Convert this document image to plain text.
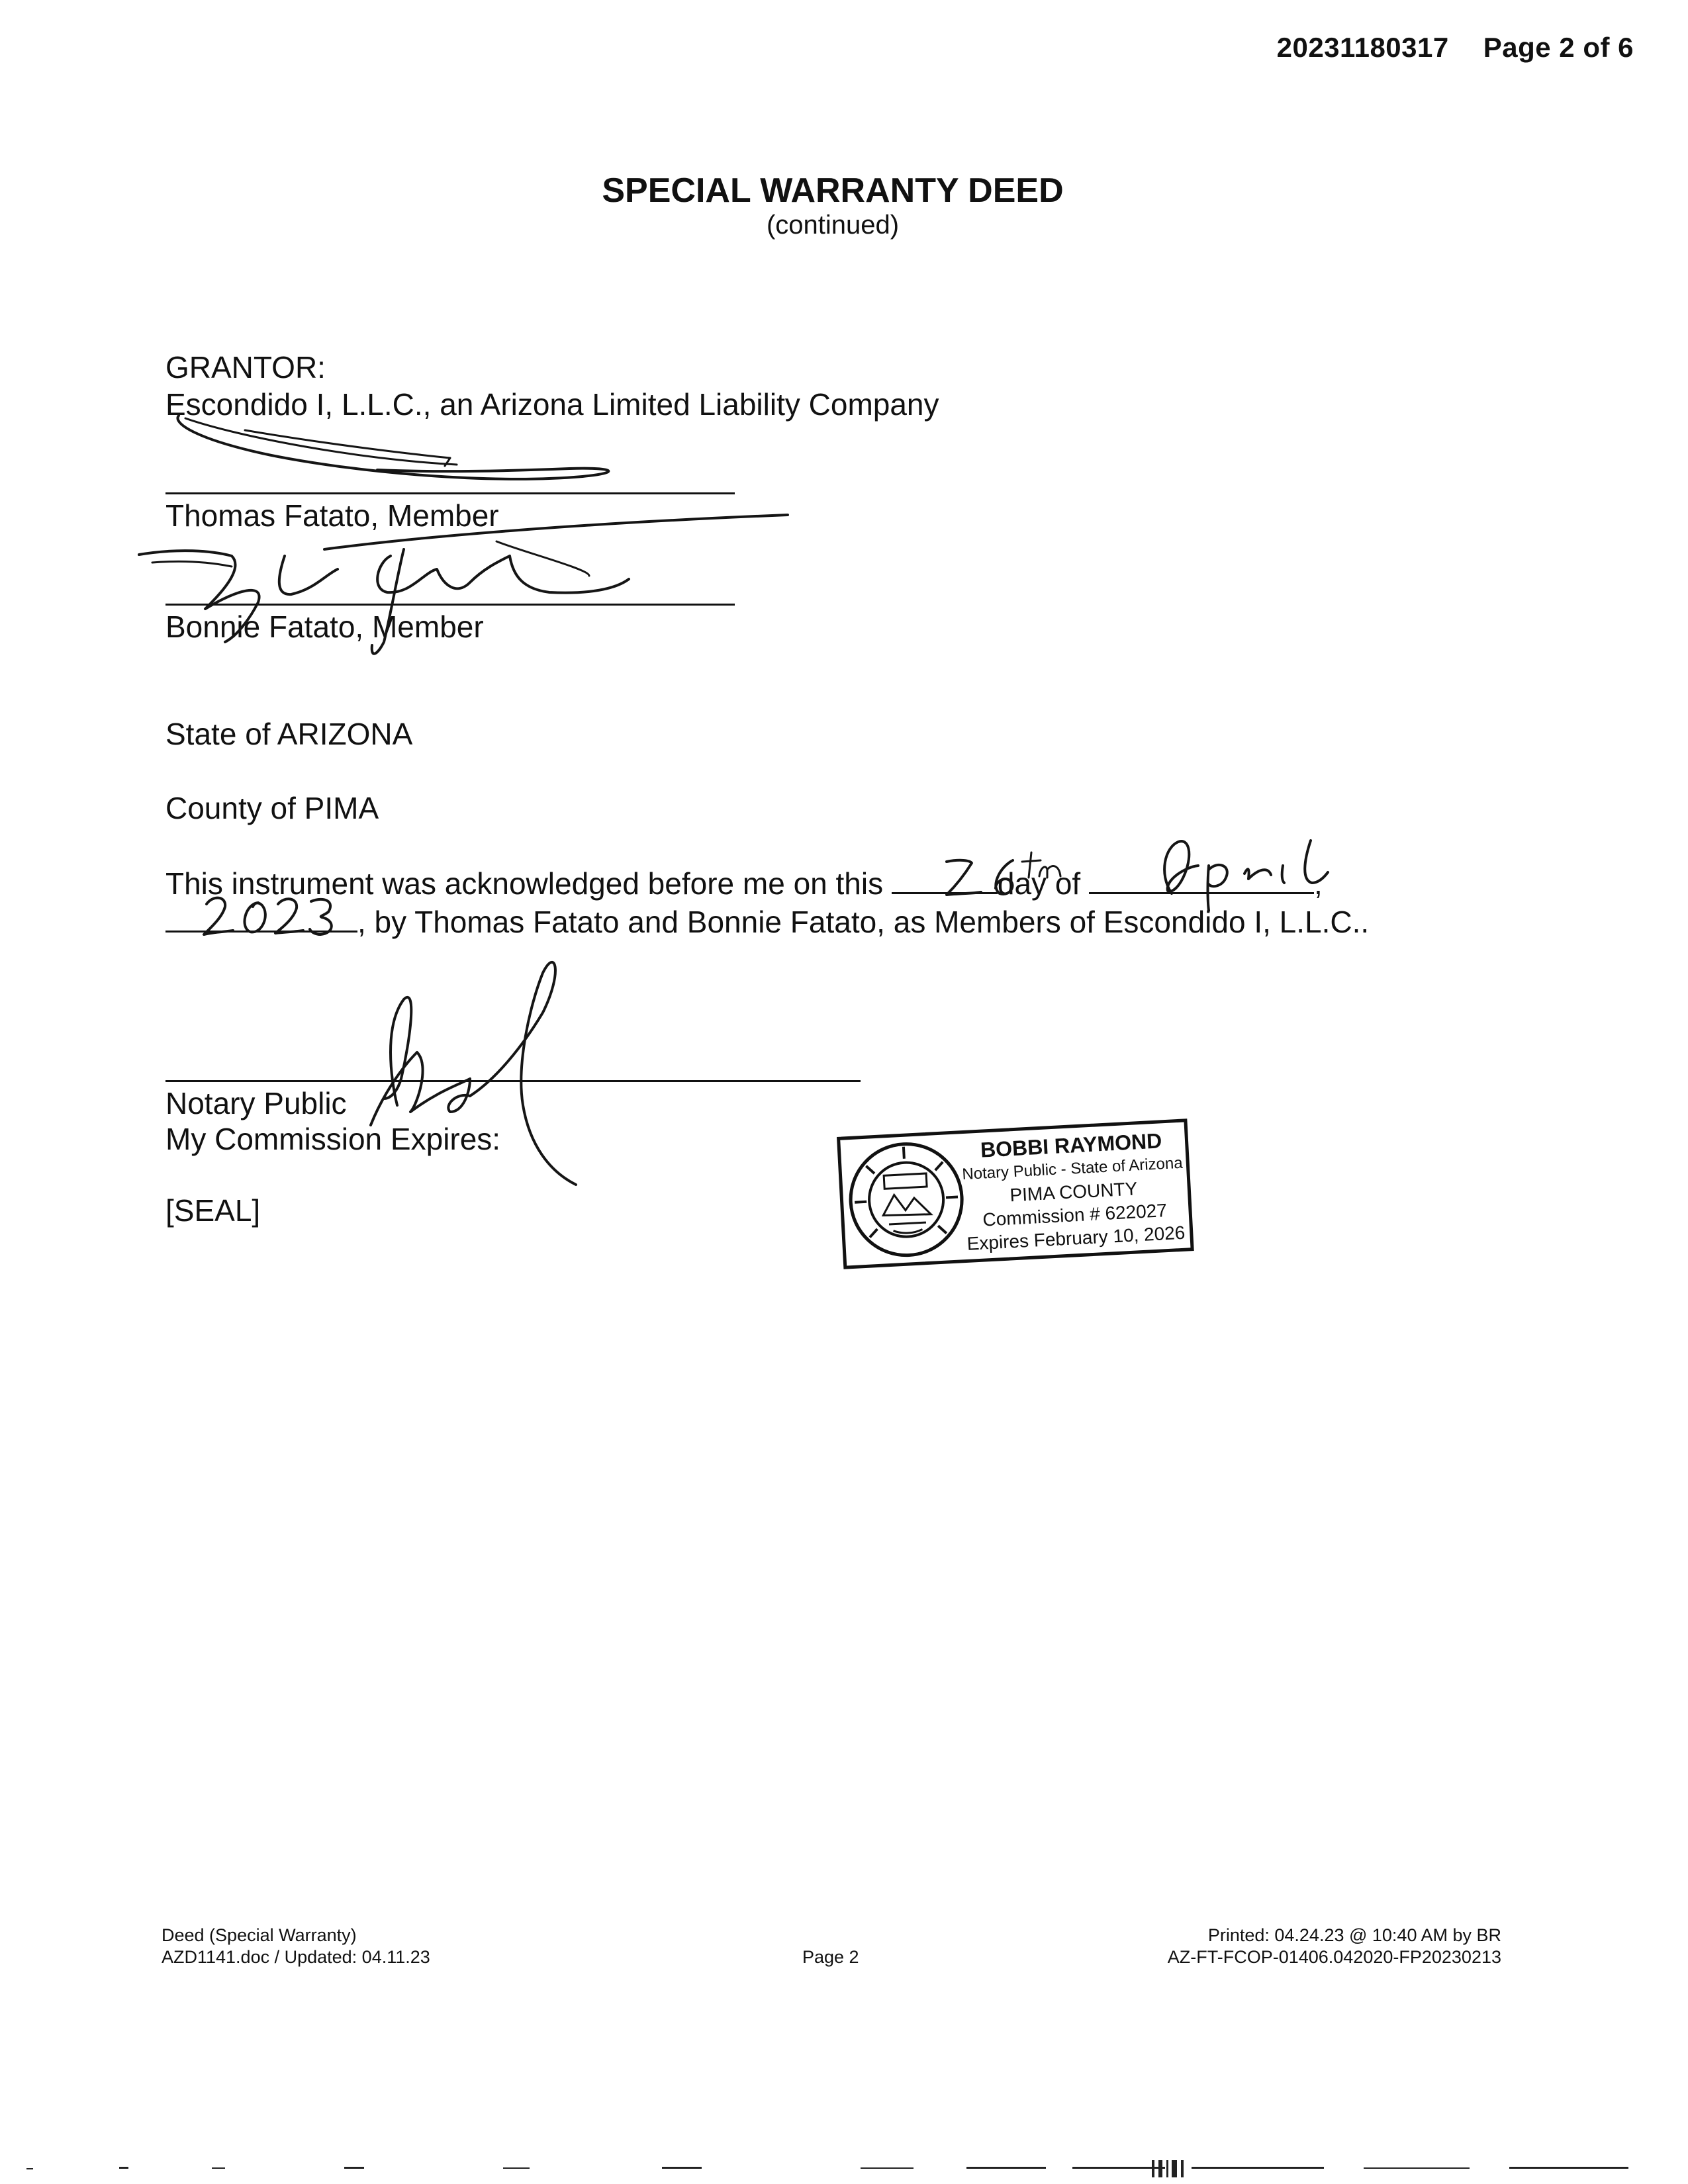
20231180317 Page 2 of 6
SPECIAL WARRANTY DEED
(continued)
GRANTOR:
Escondido I, L.L.C., an Arizona Limited Liability Company
Thomas Fatato, Member
Bonnie Fatato, Member
State of ARIZONA
County of PIMA
This instrument was acknowledged before me on this	day of	,
, by Thomas Fatato and Bonnie Fatato, as Members of Escondido I, L.L.C..
Notary Public
My Commission Expires:
[SEAL]
BOBBI RAYMOND
Notary Public - State of Arizona
PIMA COUNTY
Commission # 622027
Expires February 10, 2026
Deed (Special Warranty)
AZD1141.doc / Updated: 04.11.23	Page 2
Printed: 04.24.23 @ 10:40 AM by BR
AZ-FT-FCOP-01406.042020-FP20230213
